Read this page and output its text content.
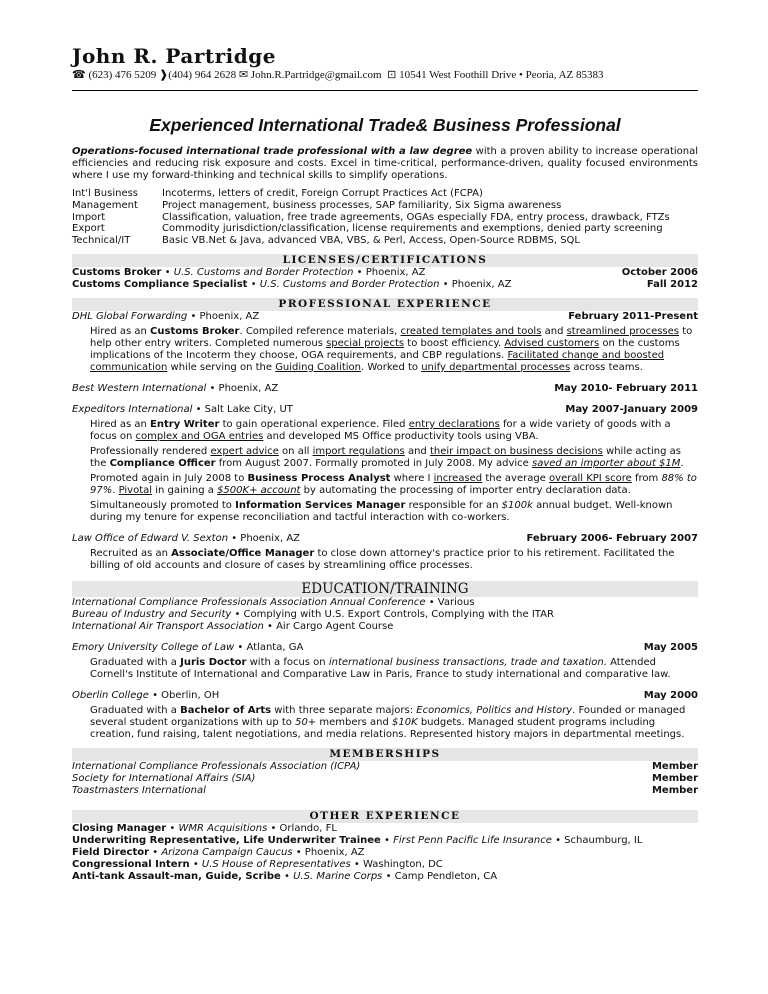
John R. Partridge
☎ (623) 476 5209 ❱(404) 964 2628 ✉ John.R.Partridge@gmail.com ⊡ 10541 West Foothill Drive • Peoria, AZ 85383
Experienced International Trade& Business Professional
Operations-focused international trade professional with a law degree with a proven ability to increase operational efficiencies and reducing risk exposure and costs. Excel in time-critical, performance-driven, quality focused environments where I use my forward-thinking and technical skills to simplify operations.
Int'l Business	Incoterms, letters of credit, Foreign Corrupt Practices Act (FCPA)
Management	Project management, business processes, SAP familiarity, Six Sigma awareness
Import	Classification, valuation, free trade agreements, OGAs especially FDA, entry process, drawback, FTZs
Export	Commodity jurisdiction/classification, license requirements and exemptions, denied party screening
Technical/IT	Basic VB.Net & Java, advanced VBA, VBS, & Perl, Access, Open-Source RDBMS, SQL
LICENSES/CERTIFICATIONS
Customs Broker • U.S. Customs and Border Protection • Phoenix, AZ	October 2006
Customs Compliance Specialist • U.S. Customs and Border Protection • Phoenix, AZ	Fall 2012
PROFESSIONAL EXPERIENCE
DHL Global Forwarding • Phoenix, AZ	February 2011-Present
Hired as an Customs Broker. Compiled reference materials, created templates and tools and streamlined processes to help other entry writers. Completed numerous special projects to boost efficiency. Advised customers on the customs implications of the Incoterm they choose, OGA requirements, and CBP regulations. Facilitated change and boosted communication while serving on the Guiding Coalition. Worked to unify departmental processes across teams.
Best Western International • Phoenix, AZ	May 2010- February 2011
Expeditors International • Salt Lake City, UT	May 2007-January 2009
Hired as an Entry Writer to gain operational experience. Filed entry declarations for a wide variety of goods with a focus on complex and OGA entries and developed MS Office productivity tools using VBA.
Professionally rendered expert advice on all import regulations and their impact on business decisions while acting as the Compliance Officer from August 2007. Formally promoted in July 2008. My advice saved an importer about $1M.
Promoted again in July 2008 to Business Process Analyst where I increased the average overall KPI score from 88% to 97%. Pivotal in gaining a $500K+ account by automating the processing of importer entry declaration data.
Simultaneously promoted to Information Services Manager responsible for an $100k annual budget. Well-known during my tenure for expense reconciliation and tactful interaction with co-workers.
Law Office of Edward V. Sexton • Phoenix, AZ	February 2006- February 2007
Recruited as an Associate/Office Manager to close down attorney's practice prior to his retirement. Facilitated the billing of old accounts and closure of cases by streamlining office processes.
EDUCATION/TRAINING
International Compliance Professionals Association Annual Conference • Various
Bureau of Industry and Security • Complying with U.S. Export Controls, Complying with the ITAR
International Air Transport Association • Air Cargo Agent Course
Emory University College of Law • Atlanta, GA	May 2005
Graduated with a Juris Doctor with a focus on international business transactions, trade and taxation. Attended Cornell's Institute of International and Comparative Law in Paris, France to study international and comparative law.
Oberlin College • Oberlin, OH	May 2000
Graduated with a Bachelor of Arts with three separate majors: Economics, Politics and History. Founded or managed several student organizations with up to 50+ members and $10K budgets. Managed student programs including creation, fund raising, talent negotiations, and media relations. Represented history majors in departmental meetings.
MEMBERSHIPS
International Compliance Professionals Association (ICPA)	Member
Society for International Affairs (SIA)	Member
Toastmasters International	Member
OTHER EXPERIENCE
Closing Manager • WMR Acquisitions • Orlando, FL
Underwriting Representative, Life Underwriter Trainee • First Penn Pacific Life Insurance • Schaumburg, IL
Field Director • Arizona Campaign Caucus • Phoenix, AZ
Congressional Intern • U.S House of Representatives • Washington, DC
Anti-tank Assault-man, Guide, Scribe • U.S. Marine Corps • Camp Pendleton, CA
